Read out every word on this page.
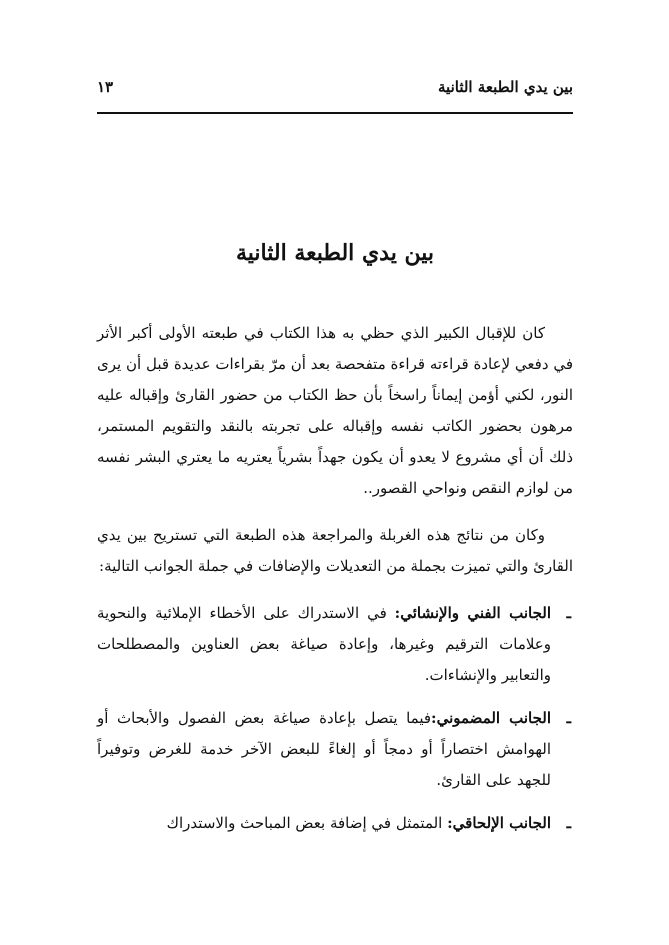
بين يدي الطبعة الثانية
١٣
بين يدي الطبعة الثانية

كان للإقبال الكبير الذي حظي به هذا الكتاب في طبعته الأولى أكبر الأثر في دفعي لإعادة قراءته قراءة متفحصة بعد أن مرّ بقراءات عديدة قبل أن يرى النور، لكني أؤمن إيماناً راسخاً بأن حظ الكتاب من حضور القارئ وإقباله عليه مرهون بحضور الكاتب نفسه وإقباله على تجربته بالنقد والتقويم المستمر، ذلك أن أي مشروع لا يعدو أن يكون جهداً بشرياً يعتريه ما يعتري البشر نفسه من لوازم النقص ونواحي القصور..

وكان من نتائج هذه الغربلة والمراجعة هذه الطبعة التي تستريح بين يدي القارئ والتي تميزت بجملة من التعديلات والإضافات في جملة الجوانب التالية:

ـ
الجانب الفني والإنشائي: في الاستدراك على الأخطاء الإملائية والنحوية وعلامات الترقيم وغيرها، وإعادة صياغة بعض العناوين والمصطلحات والتعابير والإنشاءات.
ـ
الجانب المضموني:فيما يتصل بإعادة صياغة بعض الفصول والأبحاث أو الهوامش اختصاراً أو دمجاً أو إلغاءً للبعض الآخر خدمة للغرض وتوفيراً للجهد على القارئ.
ـ
الجانب الإلحاقي: المتمثل في إضافة بعض المباحث والاستدراك
